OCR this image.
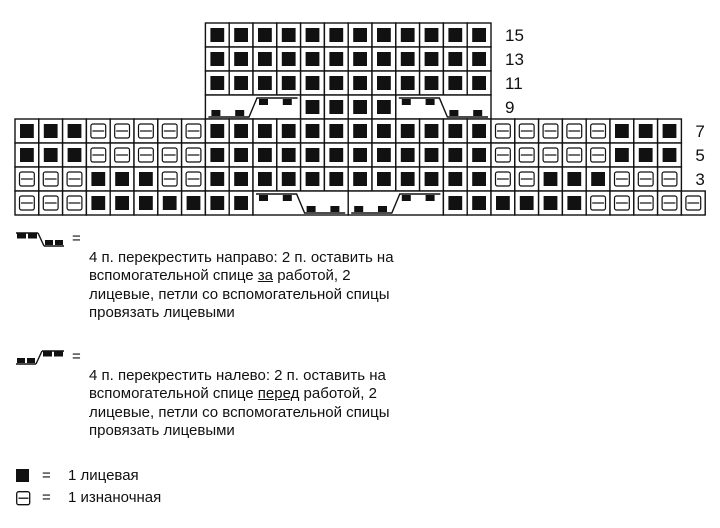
15
13
11
9
7
5
3
=

4 п. перекрестить направо: 2 п. оставить на вспомогательной спице за работой, 2 лицевые, петли со вспомогательной спицы провязать лицевыми

=

4 п. перекрестить налево: 2 п. оставить на вспомогательной спице перед работой, 2 лицевые, петли со вспомогательной спицы провязать лицевыми

= 1 лицевая
= 1 изнаночная
